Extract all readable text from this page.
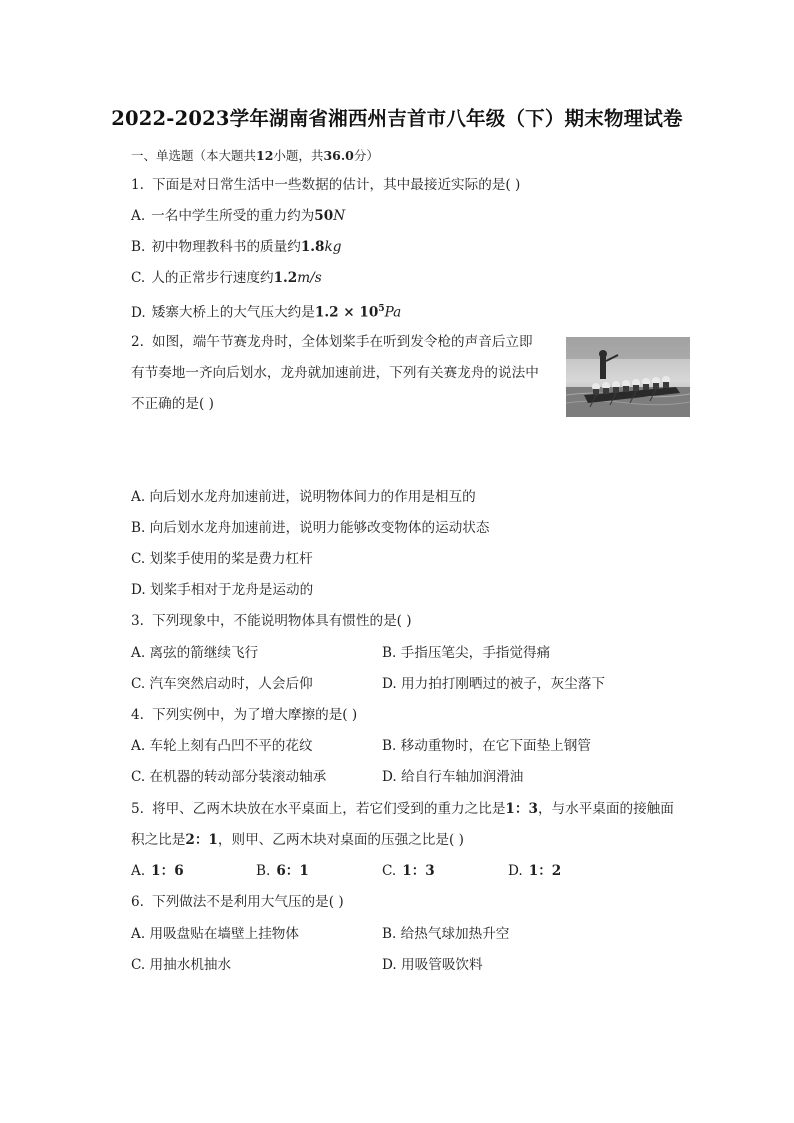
2022-2023学年湖南省湘西州吉首市八年级（下）期末物理试卷
一、单选题（本大题共12小题，共36.0分）
1. 下面是对日常生活中一些数据的估计，其中最接近实际的是( )
A. 一名中学生所受的重力约为50N
B. 初中物理教科书的质量约1.8kg
C. 人的正常步行速度约1.2m/s
D. 矮寨大桥上的大气压大约是$1.2 \times 10^5Pa$
2. 如图，端午节赛龙舟时，全体划桨手在听到发令枪的声音后立即
有节奏地一齐向后划水，龙舟就加速前进，下列有关赛龙舟的说法中
不正确的是( )
A. 向后划水龙舟加速前进，说明物体间力的作用是相互的
B. 向后划水龙舟加速前进，说明力能够改变物体的运动状态
C. 划桨手使用的桨是费力杠杆
D. 划桨手相对于龙舟是运动的
3. 下列现象中，不能说明物体具有惯性的是( )
A. 离弦的箭继续飞行	B. 手指压笔尖，手指觉得痛
C. 汽车突然启动时，人会后仰	D. 用力拍打刚晒过的被子，灰尘落下
4. 下列实例中，为了增大摩擦的是( )
A. 车轮上刻有凸凹不平的花纹	B. 移动重物时，在它下面垫上钢管
C. 在机器的转动部分装滚动轴承	D. 给自行车轴加润滑油
5. 将甲、乙两木块放在水平桌面上，若它们受到的重力之比是1：3，与水平桌面的接触面
积之比是2：1，则甲、乙两木块对桌面的压强之比是( )
A. 1：6	B. 6：1	C. 1：3	D. 1：2
6. 下列做法不是利用大气压的是( )
A. 用吸盘贴在墙壁上挂物体	B. 给热气球加热升空
C. 用抽水机抽水	D. 用吸管吸饮料
